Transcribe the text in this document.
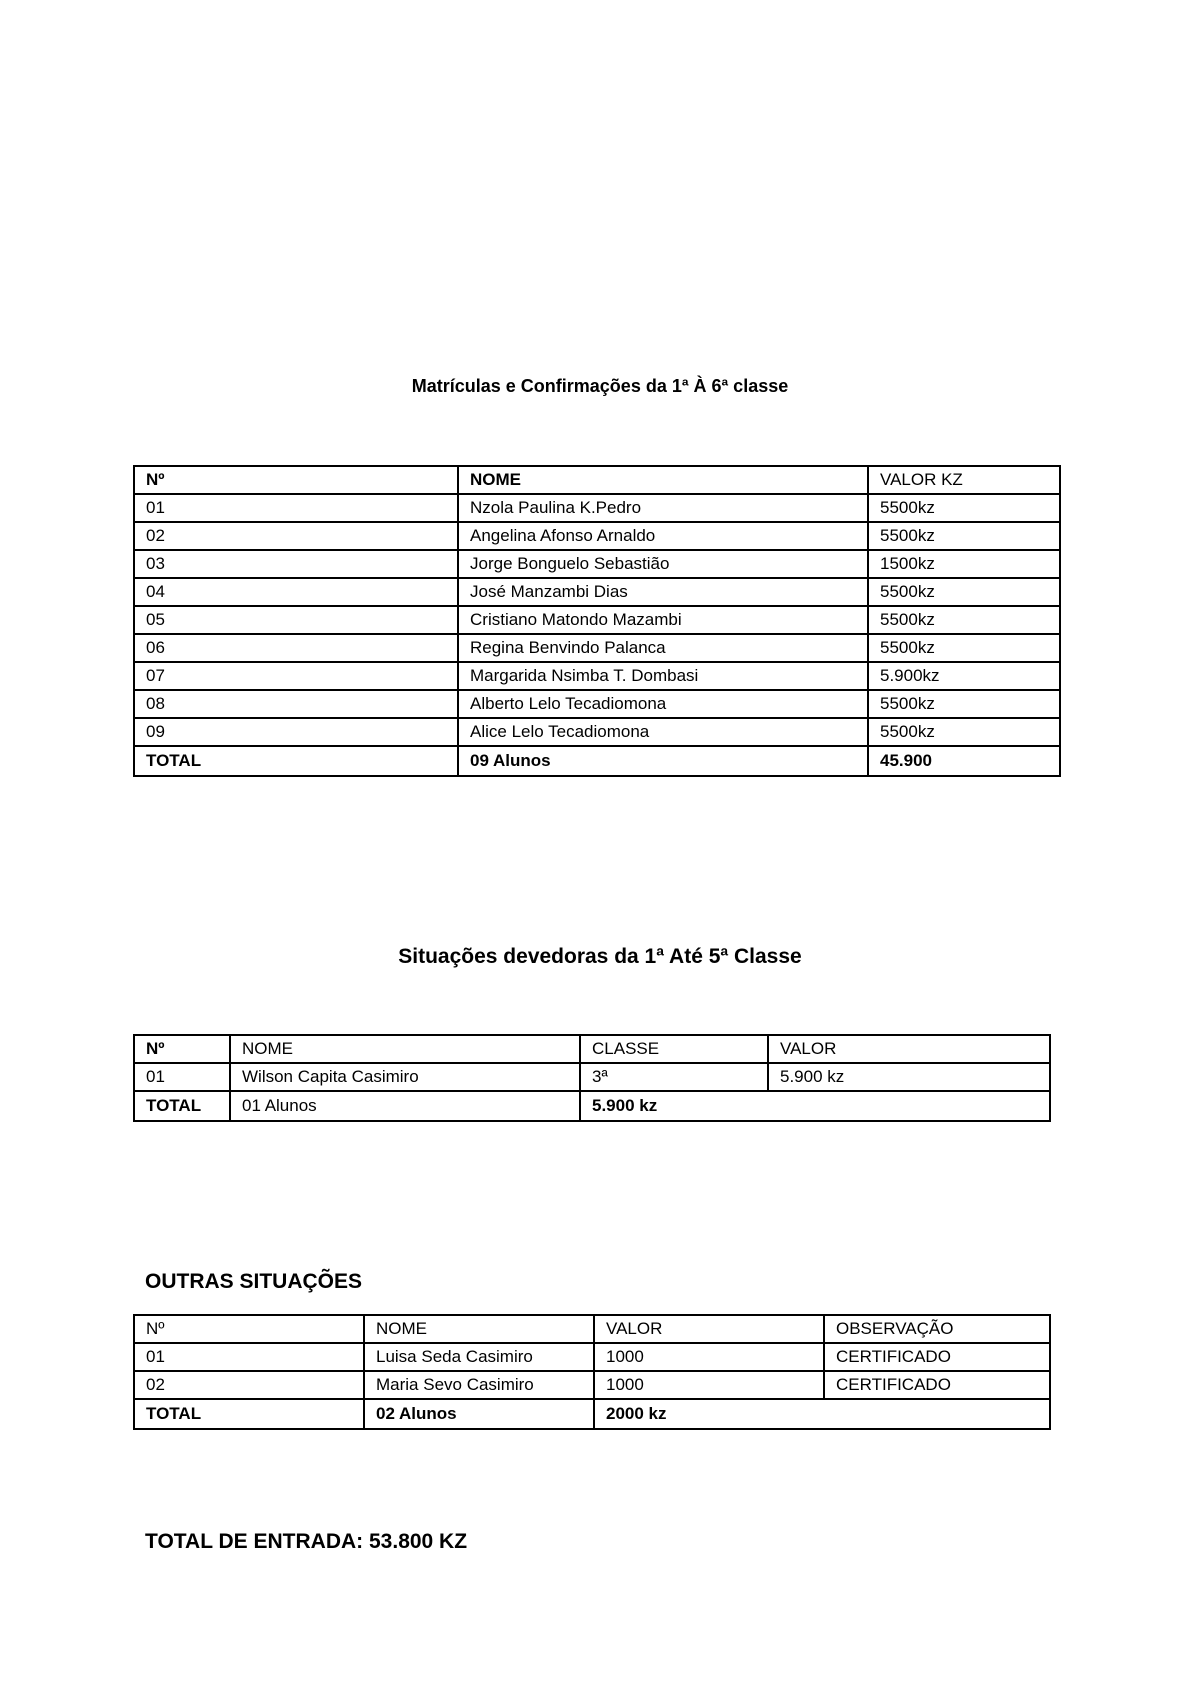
Matrículas e Confirmações da 1ª À 6ª classe

Nº	NOME	VALOR KZ
01	Nzola Paulina K.Pedro	5500kz
02	Angelina Afonso Arnaldo	5500kz
03	Jorge Bonguelo Sebastião	1500kz
04	José Manzambi Dias	5500kz
05	Cristiano Matondo Mazambi	5500kz
06	Regina Benvindo Palanca	5500kz
07	Margarida Nsimba T. Dombasi	5.900kz
08	Alberto Lelo Tecadiomona	5500kz
09	Alice Lelo Tecadiomona	5500kz
TOTAL	09 Alunos	45.900

Situações devedoras da 1ª Até 5ª Classe

Nº	NOME	CLASSE	VALOR
01	Wilson Capita Casimiro	3ª	5.900 kz
TOTAL	01 Alunos	5.900 kz	

OUTRAS SITUAÇÕES

Nº	NOME	VALOR	OBSERVAÇÃO
01	Luisa Seda Casimiro	1000	CERTIFICADO
02	Maria Sevo Casimiro	1000	CERTIFICADO
TOTAL	02 Alunos	2000 kz	

TOTAL DE ENTRADA: 53.800 KZ
